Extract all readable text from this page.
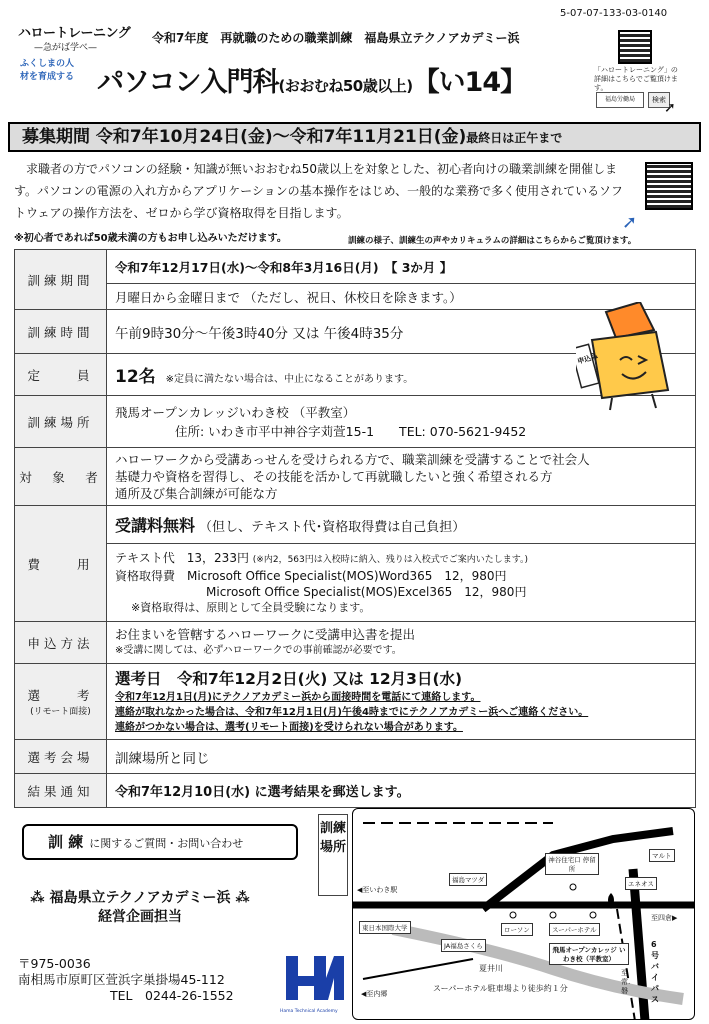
5-07-07-133-03-0140
ハロートレーニング
—急がば学べ—
令和7年度　再就職のための職業訓練　福島県立テクノアカデミー浜
ふくしまの人材を育成する パソコン入門科(おおむね50歳以上)【い14】	「ハロートレーニング」の詳細はこちらでご覧頂けます。
福島労働局	検索
➚
募集期間 令和7年10月24日(金)～令和7年11月21日(金)最終日は正午まで
求職者の方でパソコンの経験・知識が無いおおむね50歳以上を対象とした、初心者向けの職業訓練を開催します。パソコンの電源の入れ方からアプリケーションの基本操作をはじめ、一般的な業務で多く使用されているソフトウェアの操作方法を、ゼロから学び資格取得を目指します。
※初心者であれば50歳未満の方もお申し込みいただけます。	訓練の様子、訓練生の声やカリキュラムの詳細はこちらからご覧頂けます。
➚
訓練期間	令和7年12月17日(水)～令和8年3月16日(月)　【 3か月 】
	月曜日から金曜日まで （ただし、祝日、休校日を除きます。）
訓練時間	午前9時30分～午後3時40分 又は 午後4時35分
定　　員	12名 ※定員に満たない場合は、中止になることがあります。
訓練場所	飛馬オープンカレッジいわき校 （平教室）
住所: いわき市平中神谷字苅萱15-1　　TEL: 070-5621-9452

対　象　者	ハローワークから受講あっせんを受けられる方で、職業訓練を受講することで社会人基礎力や資格を習得し、その技能を活かして再就職したいと強く希望される方
通所及び集合訓練が可能な方

費　　用	受講料無料 （但し、テキスト代･資格取得費は自己負担）

	テキスト代　 13，233円 (※内2，563円は入校時に納入、残りは入校式でご案内いたします。)
資格取得費　 Microsoft Office Specialist(MOS)Word365　12，980円
Microsoft Office Specialist(MOS)Excel365　12，980円
※資格取得は、原則として全員受験になります。

申込方法	お住まいを管轄するハローワークに受講申込書を提出
※受講に関しては、必ずハローワークでの事前確認が必要です。

選　　考
(リモート面接)	選考日　令和7年12月2日(火) 又は 12月3日(水)
令和7年12月1日(月)にテクノアカデミー浜から面接時間を電話にて連絡します。
連絡が取れなかった場合は、令和7年12月1日(月)午後4時までにテクノアカデミー浜へご連絡ください。
連絡がつかない場合は、選考(リモート面接)を受けられない場合があります。

選考会場	訓練場所と同じ
結果通知	令和7年12月10日(水) に選考結果を郵送します。
申込み
訓 練 に関するご質問・お問い合わせ
⁂ 福島県立テクノアカデミー浜 ⁂
経営企画担当
〒975-0036
南相馬市原町区萱浜字巣掛場45-112
TEL　0244-26-1552
Hama Technical Academy
訓練場所
◀至いわき駅
福島マツダ
神谷住宅口 停留所
マルト
エネオス
至四倉▶
東日本国際大学
JA福島さくら
ローソン	スーパーホテル
飛馬オープンカレッジ いわき校（平教室）
6号バイパス
至常磐
夏井川
◀至内郷
スーパーホテル駐車場より徒歩約１分
